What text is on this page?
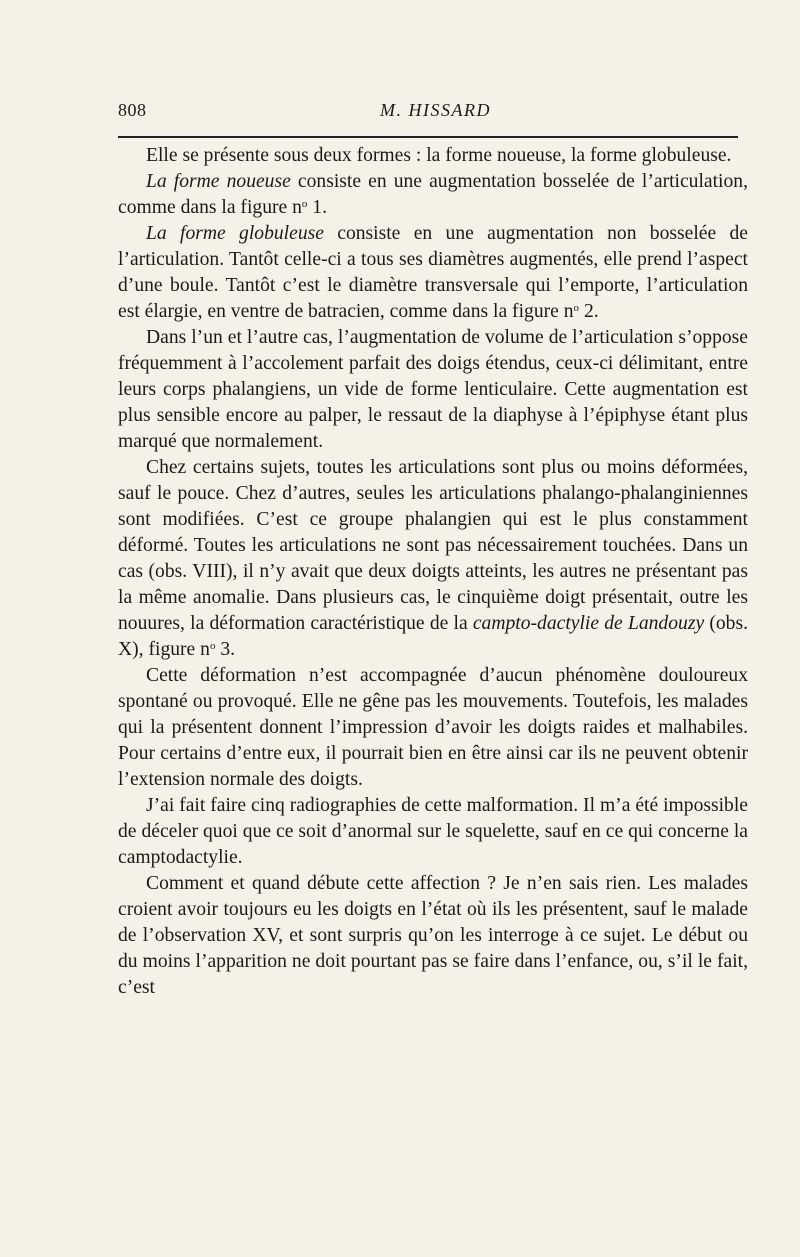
808	M. HISSARD

Elle se présente sous deux formes : la forme noueuse, la forme globuleuse.

La forme noueuse consiste en une augmentation bosselée de l’articulation, comme dans la figure $n^o$ 1.

La forme globuleuse consiste en une augmentation non bosselée de l’articulation. Tantôt celle-ci a tous ses diamètres augmentés, elle prend l’aspect d’une boule. Tantôt c’est le diamètre transversale qui l’emporte, l’articulation est élargie, en ventre de batracien, comme dans la figure $n^o$ 2.

Dans l’un et l’autre cas, l’augmentation de volume de l’articulation s’oppose fréquemment à l’accolement parfait des doigs étendus, ceux-ci délimitant, entre leurs corps phalangiens, un vide de forme lenticulaire. Cette augmentation est plus sensible encore au palper, le ressaut de la diaphyse à l’épiphyse étant plus marqué que normalement.

Chez certains sujets, toutes les articulations sont plus ou moins déformées, sauf le pouce. Chez d’autres, seules les articulations phalango-phalanginiennes sont modifiées. C’est ce groupe phalangien qui est le plus constamment déformé. Toutes les articulations ne sont pas nécessairement touchées. Dans un cas (obs. VIII), il n’y avait que deux doigts atteints, les autres ne présentant pas la même anomalie. Dans plusieurs cas, le cinquième doigt présentait, outre les nouures, la déformation caractéristique de la campto-dactylie de Landouzy (obs. X), figure $n^o$ 3.

Cette déformation n’est accompagnée d’aucun phénomène douloureux spontané ou provoqué. Elle ne gêne pas les mouvements. Toutefois, les malades qui la présentent donnent l’impression d’avoir les doigts raides et malhabiles. Pour certains d’entre eux, il pourrait bien en être ainsi car ils ne peuvent obtenir l’extension normale des doigts.

J’ai fait faire cinq radiographies de cette malformation. Il m’a été impossible de déceler quoi que ce soit d’anormal sur le squelette, sauf en ce qui concerne la camptodactylie.

Comment et quand débute cette affection ? Je n’en sais rien. Les malades croient avoir toujours eu les doigts en l’état où ils les présentent, sauf le malade de l’observation XV, et sont surpris qu’on les interroge à ce sujet. Le début ou du moins l’apparition ne doit pourtant pas se faire dans l’enfance, ou, s’il le fait, c’est
